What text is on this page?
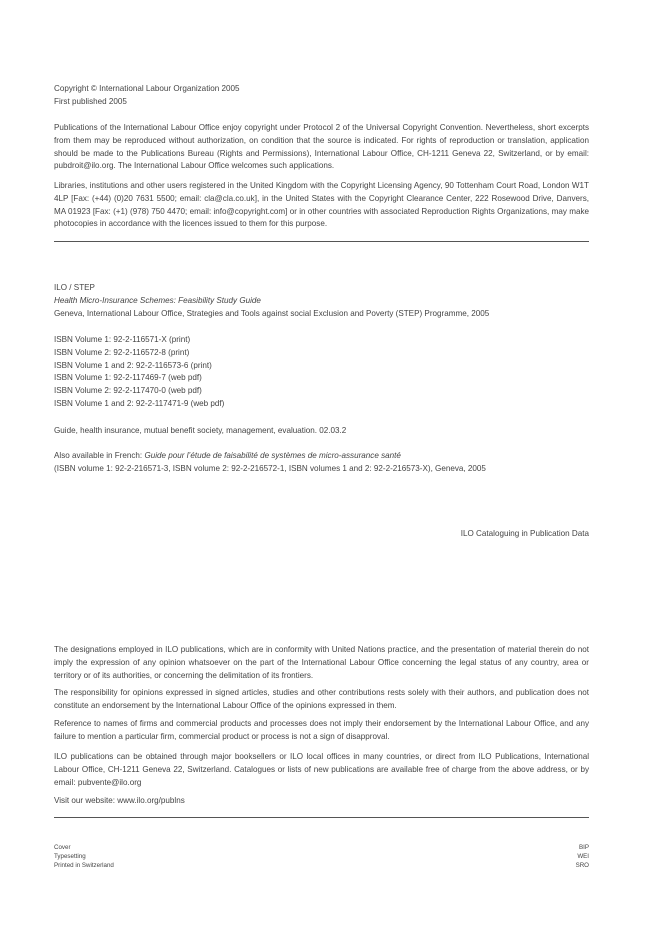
Copyright © International Labour Organization 2005
First published 2005

Publications of the International Labour Office enjoy copyright under Protocol 2 of the Universal Copyright Convention. Nevertheless, short excerpts from them may be reproduced without authorization, on condition that the source is indicated. For rights of reproduction or translation, application should be made to the Publications Bureau (Rights and Permissions), International Labour Office, CH-1211 Geneva 22, Switzerland, or by email: pubdroit@ilo.org. The International Labour Office welcomes such applications.

Libraries, institutions and other users registered in the United Kingdom with the Copyright Licensing Agency, 90 Tottenham Court Road, London W1T 4LP [Fax: (+44) (0)20 7631 5500; email: cla@cla.co.uk], in the United States with the Copyright Clearance Center, 222 Rosewood Drive, Danvers, MA 01923 [Fax: (+1) (978) 750 4470; email: info@copyright.com] or in other countries with associated Reproduction Rights Organizations, may make photocopies in accordance with the licences issued to them for this purpose.

ILO / STEP
Health Micro-Insurance Schemes: Feasibility Study Guide
Geneva, International Labour Office, Strategies and Tools against social Exclusion and Poverty (STEP) Programme, 2005
ISBN Volume 1: 92-2-116571-X (print)
ISBN Volume 2: 92-2-116572-8 (print)
ISBN Volume 1 and 2: 92-2-116573-6 (print)
ISBN Volume 1: 92-2-117469-7 (web pdf)
ISBN Volume 2: 92-2-117470-0 (web pdf)
ISBN Volume 1 and 2: 92-2-117471-9 (web pdf)
Guide, health insurance, mutual benefit society, management, evaluation. 02.03.2
Also available in French: Guide pour l’étude de faisabilité de systèmes de micro-assurance santé
(ISBN volume 1: 92-2-216571-3, ISBN volume 2: 92-2-216572-1, ISBN volumes 1 and 2: 92-2-216573-X), Geneva, 2005
ILO Cataloguing in Publication Data

The designations employed in ILO publications, which are in conformity with United Nations practice, and the presentation of material therein do not imply the expression of any opinion whatsoever on the part of the International Labour Office concerning the legal status of any country, area or territory or of its authorities, or concerning the delimitation of its frontiers.

The responsibility for opinions expressed in signed articles, studies and other contributions rests solely with their authors, and publication does not constitute an endorsement by the International Labour Office of the opinions expressed in them.

Reference to names of firms and commercial products and processes does not imply their endorsement by the International Labour Office, and any failure to mention a particular firm, commercial product or process is not a sign of disapproval.

ILO publications can be obtained through major booksellers or ILO local offices in many countries, or direct from ILO Publications, International Labour Office, CH-1211 Geneva 22, Switzerland. Catalogues or lists of new publications are available free of charge from the above address, or by email: pubvente@ilo.org

Visit our website: www.ilo.org/publns
Cover
Typesetting
Printed in Switzerland
BIP
WEI
SRO
